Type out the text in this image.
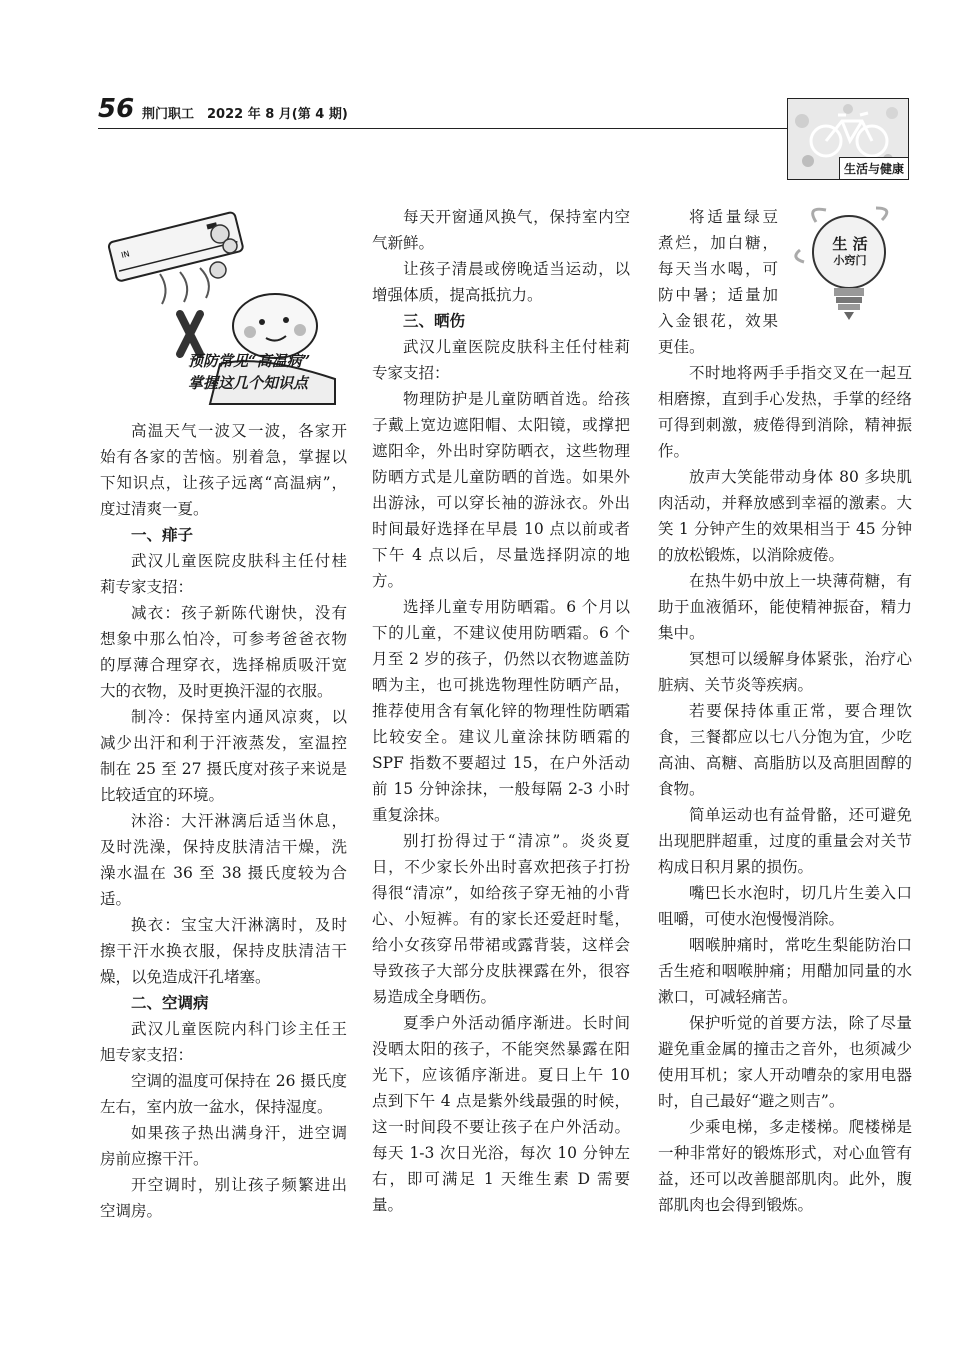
56 荆门职工　2022 年 8 月(第 4 期)
生活与健康
IN
预防常见“高温病”
掌握这几个知识点

高温天气一波又一波，各家开始有各家的苦恼。别着急，掌握以下知识点，让孩子远离“高温病”，度过清爽一夏。

一、痱子

武汉儿童医院皮肤科主任付桂莉专家支招：

减衣：孩子新陈代谢快，没有想象中那么怕冷，可参考爸爸衣物的厚薄合理穿衣，选择棉质吸汗宽大的衣物，及时更换汗湿的衣服。

制冷：保持室内通风凉爽，以减少出汗和利于汗液蒸发，室温控制在 25 至 27 摄氏度对孩子来说是比较适宜的环境。

沐浴：大汗淋漓后适当休息，及时洗澡，保持皮肤清洁干燥，洗澡水温在 36 至 38 摄氏度较为合适。

换衣：宝宝大汗淋漓时，及时擦干汗水换衣服，保持皮肤清洁干燥，以免造成汗孔堵塞。

二、空调病

武汉儿童医院内科门诊主任王旭专家支招：

空调的温度可保持在 26 摄氏度左右，室内放一盆水，保持湿度。

如果孩子热出满身汗，进空调房前应擦干汗。

开空调时，别让孩子频繁进出空调房。

每天开窗通风换气，保持室内空气新鲜。

让孩子清晨或傍晚适当运动，以增强体质，提高抵抗力。

三、晒伤

武汉儿童医院皮肤科主任付桂莉专家支招：

物理防护是儿童防晒首选。给孩子戴上宽边遮阳帽、太阳镜，或撑把遮阳伞，外出时穿防晒衣，这些物理防晒方式是儿童防晒的首选。如果外出游泳，可以穿长袖的游泳衣。外出时间最好选择在早晨 10 点以前或者下午 4 点以后，尽量选择阴凉的地方。

选择儿童专用防晒霜。6 个月以下的儿童，不建议使用防晒霜。6 个月至 2 岁的孩子，仍然以衣物遮盖防晒为主，也可挑选物理性防晒产品，推荐使用含有氧化锌的物理性防晒霜比较安全。建议儿童涂抹防晒霜的 SPF 指数不要超过 15，在户外活动前 15 分钟涂抹，一般每隔 2-3 小时重复涂抹。

别打扮得过于“清凉”。炎炎夏日，不少家长外出时喜欢把孩子打扮得很“清凉”，如给孩子穿无袖的小背心、小短裤。有的家长还爱赶时髦，给小女孩穿吊带裙或露背装，这样会导致孩子大部分皮肤裸露在外，很容易造成全身晒伤。

夏季户外活动循序渐进。长时间没晒太阳的孩子，不能突然暴露在阳光下，应该循序渐进。夏日上午 10 点到下午 4 点是紫外线最强的时候，这一时间段不要让孩子在户外活动。每天 1-3 次日光浴，每次 10 分钟左右，即可满足 1 天维生素 D 需要量。

生 活
小窍门

将适量绿豆煮烂，加白糖，每天当水喝，可防中暑；适量加入金银花，效果更佳。

不时地将两手手指交叉在一起互相磨擦，直到手心发热，手掌的经络可得到刺激，疲倦得到消除，精神振作。

放声大笑能带动身体 80 多块肌肉活动，并释放感到幸福的激素。大笑 1 分钟产生的效果相当于 45 分钟的放松锻炼，以消除疲倦。

在热牛奶中放上一块薄荷糖，有助于血液循环，能使精神振奋，精力集中。

冥想可以缓解身体紧张，治疗心脏病、关节炎等疾病。

若要保持体重正常，要合理饮食，三餐都应以七八分饱为宜，少吃高油、高糖、高脂肪以及高胆固醇的食物。

简单运动也有益骨骼，还可避免出现肥胖超重，过度的重量会对关节构成日积月累的损伤。

嘴巴长水泡时，切几片生姜入口咀嚼，可使水泡慢慢消除。

咽喉肿痛时，常吃生梨能防治口舌生疮和咽喉肿痛；用醋加同量的水漱口，可减轻痛苦。

保护听觉的首要方法，除了尽量避免重金属的撞击之音外，也须减少使用耳机；家人开动嘈杂的家用电器时，自己最好“避之则吉”。

少乘电梯，多走楼梯。爬楼梯是一种非常好的锻炼形式，对心血管有益，还可以改善腿部肌肉。此外，腹部肌肉也会得到锻炼。
